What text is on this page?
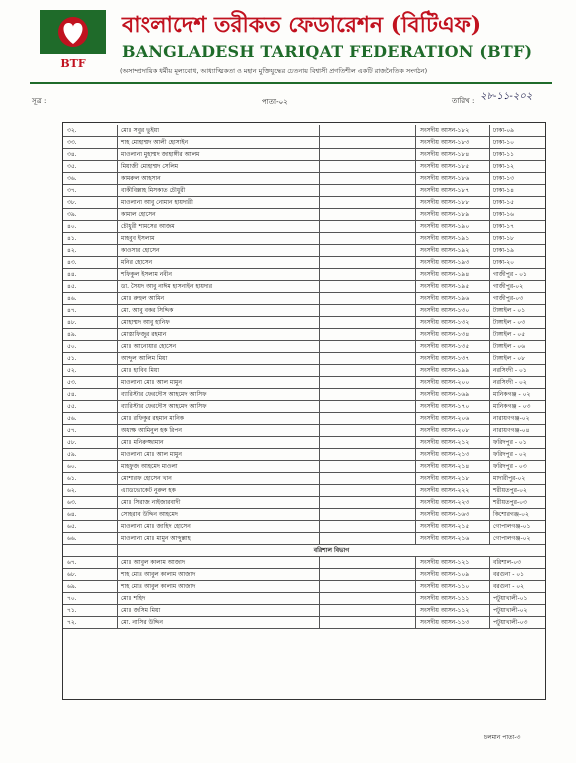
BTF
বাংলাদেশ তরীকত ফেডারেশন (বিটিএফ)
BANGLADESH TARIQAT FEDERATION (BTF)
(অসাম্প্রদায়িক ধর্মীয় মূল্যবোধ, আধ্যাত্মিকতা ও মহান মুক্তিযুদ্ধের চেতনায় বিশ্বাসী প্রগতিশীল একটি রাজনৈতিক সংগঠন)
সূত্র :	পাতা-০২	তারিখ : ২৮-১১-২০২
৩২.	মোঃ সবুর ভুইয়া	সংসদীয় আসন-১৮২	ঢাকা-০৯
৩৩.	শাহ মোহাম্মদ আলী হোসাইন	সংসদীয় আসন-১৮৩	ঢাকা-১০
৩৪.	মাওলানা মুহাম্মদ জাহাঙ্গীর আলম	সংসদীয় আসন-১৮৪	ঢাকা-১১
৩৫.	মিয়াজী মোহাম্মদ সেলিম	সংসদীয় আসন-১৮৫	ঢাকা-১২
৩৬.	কামরুল আহসান	সংসদীয় আসন-১৮৬	ঢাকা-১৩
৩৭.	বাকীবিল্লাহ মিসকাত চৌধুরী	সংসদীয় আসন-১৮৭	ঢাকা-১৪
৩৮.	মাওলানা আবু নোমান হায়দারী	সংসদীয় আসন-১৮৮	ঢাকা-১৫
৩৯.	কামাল হোসেন	সংসদীয় আসন-১৮৯	ঢাকা-১৬
৪০.	চৌধুরী শামসের আজম	সংসদীয় আসন-১৯০	ঢাকা-১৭
৪১.	মাহবুব ইসলাম	সংসদীয় আসন-১৯১	ঢাকা-১৮
৪২.	কাওসার হোসেন	সংসদীয় আসন-১৯২	ঢাকা-১৯
৪৩.	মনির হোসেন	সংসদীয় আসন-১৯৩	ঢাকা-২০
৪৪.	শফিকুল ইসলাম নবীন	সংসদীয় আসন-১৯৪	গাজীপুর - ০১
৪৫.	ডা. সৈয়দ আবু নাঈম হাসনাইন হায়দার	সংসদীয় আসন-১৯৫	গাজীপুর-০২
৪৬.	মোঃ রুহুল আমিন	সংসদীয় আসন-১৯৬	গাজীপুর-০৩
৪৭.	মো. আবু বকর সিদ্দিক	সংসদীয় আসন-১৩০	টাঙ্গাইল - ০১
৪৮.	মোহাম্মদ আবু হানিফ	সংসদীয় আসন-১৩২	টাঙ্গাইল - ০৩
৪৯.	মোস্তাফিজুর রহমান	সংসদীয় আসন-১৩৪	টাঙ্গাইল - ০৫
৫০.	মোঃ আনোয়ার হোসেন	সংসদীয় আসন-১৩৫	টাঙ্গাইল - ০৬
৫১.	আব্দুল আলিম মিয়া	সংসদীয় আসন-১৩৭	টাঙ্গাইল - ০৮
৫২.	মোঃ হাবিব মিয়া	সংসদীয় আসন-১৯৯	নরসিংদী - ০১
৫৩.	মাওলানা মোঃ আল মামুন	সংসদীয় আসন-২০০	নরসিংদী - ০২
৫৪.	ব্যারিস্টার ফেরদৌস আহমেদ আসিফ	সংসদীয় আসন-১৬৯	মানিকগঞ্জ - ০২
৫৫.	ব্যারিস্টার ফেরদৌস আহমেদ আসিফ	সংসদীয় আসন-১৭০	মানিকগঞ্জ - ০৩
৫৬.	মোঃ রফিকুর রহমান মানিক	সংসদীয় আসন-২০৬	নারায়ণগঞ্জ-০২
৫৭.	অধ্যক্ষ আমিনুল হক রিপন	সংসদীয় আসন-২০৮	নারায়ণগঞ্জ-০৪
৫৮.	মোঃ মনিরুজ্জামান	সংসদীয় আসন-২১২	ফরিদপুর - ০১
৫৯.	মাওলানা মোঃ আল মামুন	সংসদীয় আসন-২১৩	ফরিদপুর - ০২
৬০.	মাহফুজ আহমেদ মাওলা	সংসদীয় আসন-২১৪	ফরিদপুর - ০৩
৬১.	মোশারফ হোসেন খান	সংসদীয় আসন-২১৮	মাদারীপুর-০২
৬২.	এ্যাডভোকেট নুরুল হক	সংসদীয় আসন-২২২	শরীয়তপুর-০২
৬৩.	মোঃ সিরাজ নাইজারবাদী	সংসদীয় আসন-২২৩	শরীয়তপুর-০৩
৬৪.	সোহরাব উদ্দিন আহমেদ	সংসদীয় আসন-১৬৩	কিশোরগঞ্জ-০২
৬৫.	মাওলানা মোঃ জাহিদ হোসেন	সংসদীয় আসন-২১৫	গোপালগঞ্জ-০১
৬৬.	মাওলানা মোঃ মামুন আব্দুল্লাহ	সংসদীয় আসন-২১৬	গোপালগঞ্জ-০২
বরিশাল বিভাগ
৬৭.	মোঃ আবুল কালাম আজাদ	সংসদীয় আসন-১২১	বরিশাল-০৩
৬৮.	শাহ মোঃ আবুল কালাম আজাদ	সংসদীয় আসন-১০৯	বরগুনা - ০১
৬৯.	শাহ মোঃ আবুল কালাম আজাদ	সংসদীয় আসন-১১০	বরগুনা - ০২
৭০.	মোঃ শহিদ	সংসদীয় আসন-১১১	পটুয়াখালী-০১
৭১.	মোঃ জসিম মিয়া	সংসদীয় আসন-১১২	পটুয়াখালী-০২
৭২.	মো. নাসির উদ্দিন	সংসদীয় আসন-১১৩	পটুয়াখালী-০৩
চলমান পাতা-৩
